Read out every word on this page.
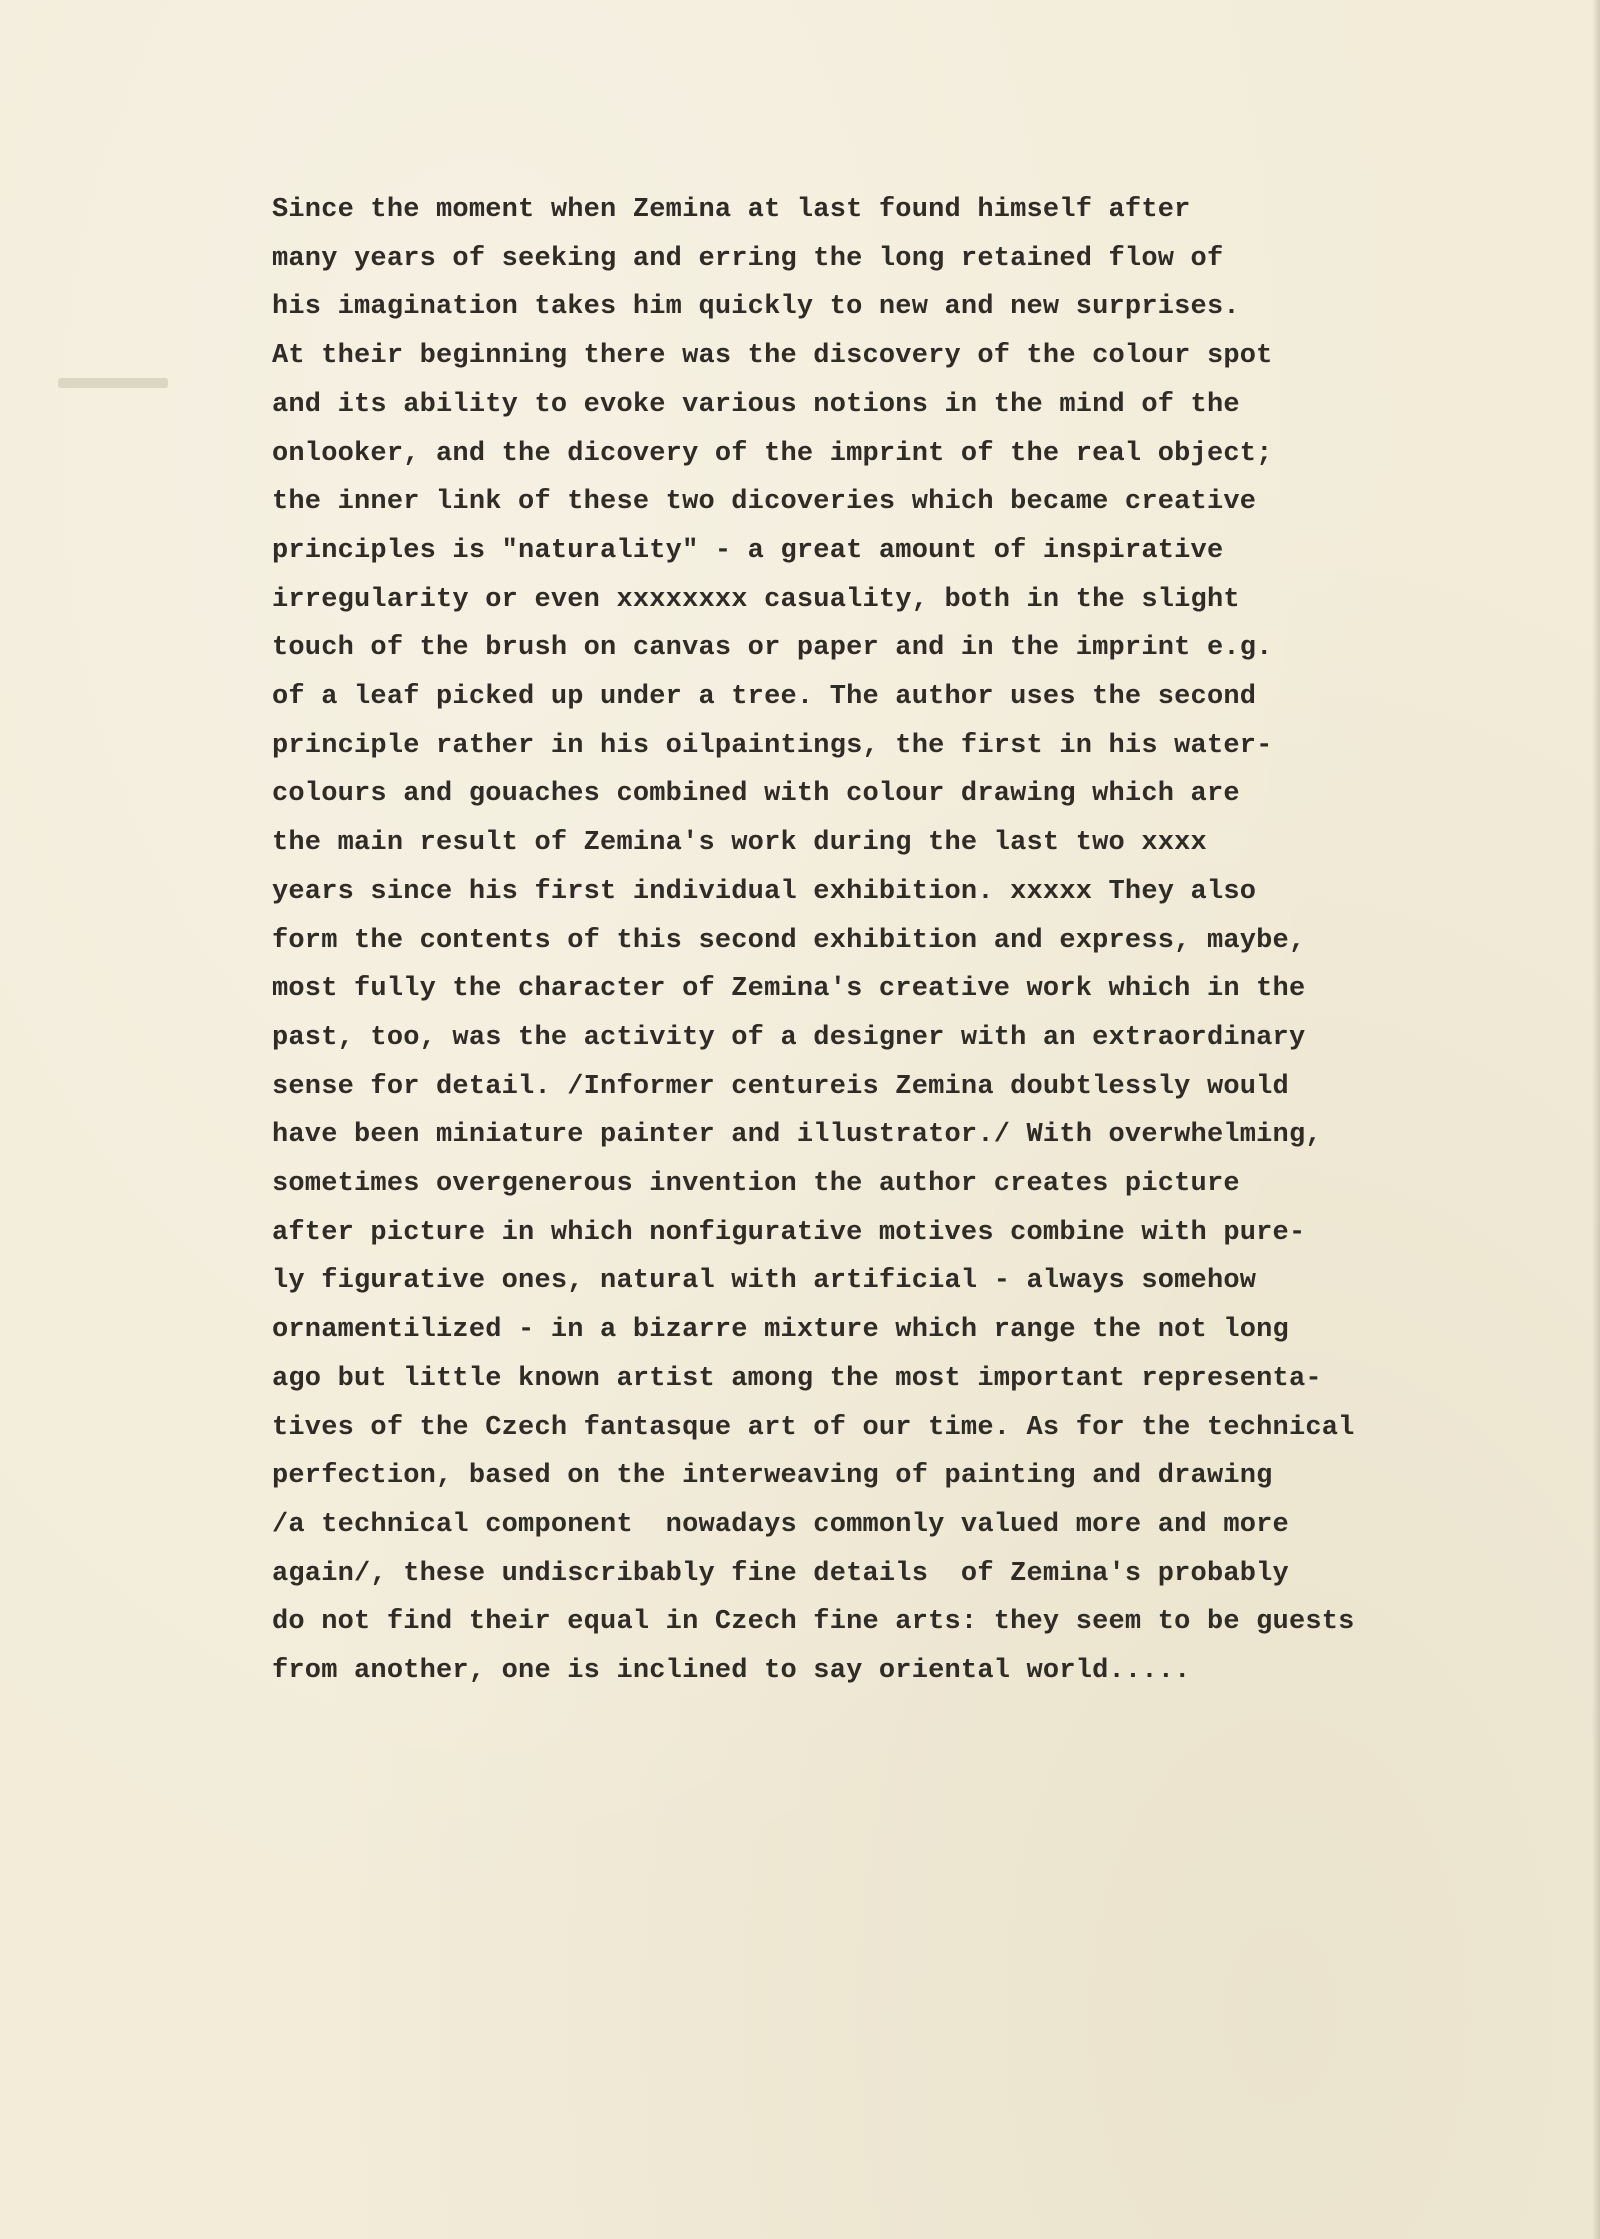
Since the moment when Zemina at last found himself after
many years of seeking and erring the long retained flow of
his imagination takes him quickly to new and new surprises.
At their beginning there was the discovery of the colour spot
and its ability to evoke various notions in the mind of the
onlooker, and the dicovery of the imprint of the real object;
the inner link of these two dicoveries which became creative
principles is "naturality" - a great amount of inspirative
irregularity or even xxxxxxxx casuality, both in the slight
touch of the brush on canvas or paper and in the imprint e.g.
of a leaf picked up under a tree. The author uses the second
principle rather in his oilpaintings, the first in his water-
colours and gouaches combined with colour drawing which are
the main result of Zemina's work during the last two xxxx
years since his first individual exhibition. xxxxx They also
form the contents of this second exhibition and express, maybe,
most fully the character of Zemina's creative work which in the
past, too, was the activity of a designer with an extraordinary
sense for detail. /Informer centureis Zemina doubtlessly would
have been miniature painter and illustrator./ With overwhelming,
sometimes overgenerous invention the author creates picture
after picture in which nonfigurative motives combine with pure-
ly figurative ones, natural with artificial - always somehow
ornamentilized - in a bizarre mixture which range the not long
ago but little known artist among the most important representa-
tives of the Czech fantasque art of our time. As for the technical
perfection, based on the interweaving of painting and drawing
/a technical component  nowadays commonly valued more and more
again/, these undiscribably fine details  of Zemina's probably
do not find their equal in Czech fine arts: they seem to be guests
from another, one is inclined to say oriental world.....
